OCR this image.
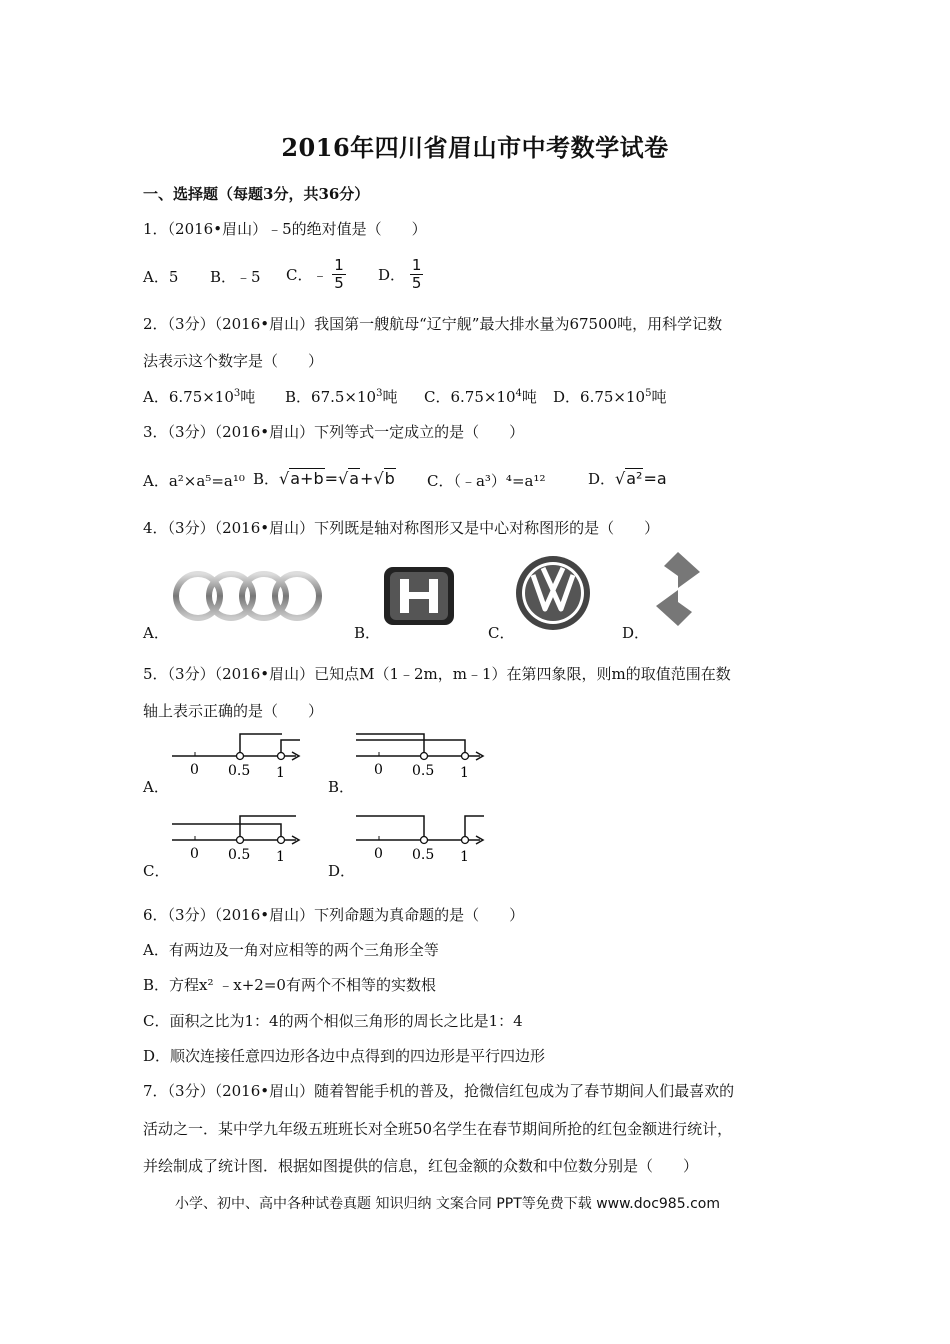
2016年四川省眉山市中考数学试卷
一、选择题（每题3分，共36分）
1．（2016•眉山）﹣5的绝对值是（　　）
A．5 B．﹣5 C．﹣ $\frac{1}{5}$ D． $\frac{1}{5}$
2．（3分）（2016•眉山）我国第一艘航母“辽宁舰”最大排水量为67500吨，用科学记数
法表示这个数字是（　　）
A．$6.75\times 10^3$吨 B．$67.5\times 10^3$吨 C．$6.75\times 10^4$吨 D．$6.75\times 10^5$吨
3．（3分）（2016•眉山）下列等式一定成立的是（　　）
A．a²×a⁵=a¹⁰ B．√a+b=√a+√b C．（﹣a³）⁴=a¹²	D．√a²=a
4．（3分）（2016•眉山）下列既是轴对称图形又是中心对称图形的是（　　）
A．	B．	C．	D．
5．（3分）（2016•眉山）已知点M（1﹣2m，m﹣1）在第四象限，则m的取值范围在数
轴上表示正确的是（　　）
A．
0 0.5 1
B．
0 0.5 1
C．
0 0.5 1
D．
0 0.5 1
6．（3分）（2016•眉山）下列命题为真命题的是（　　）
A．有两边及一角对应相等的两个三角形全等
B．方程x² ﹣x+2=0有两个不相等的实数根
C．面积之比为1：4的两个相似三角形的周长之比是1：4
D．顺次连接任意四边形各边中点得到的四边形是平行四边形
7．（3分）（2016•眉山）随着智能手机的普及，抢微信红包成为了春节期间人们最喜欢的
活动之一．某中学九年级五班班长对全班50名学生在春节期间所抢的红包金额进行统计，
并绘制成了统计图．根据如图提供的信息，红包金额的众数和中位数分别是（　　）
小学、初中、高中各种试卷真题 知识归纳 文案合同 PPT等免费下载 www.doc985.com
